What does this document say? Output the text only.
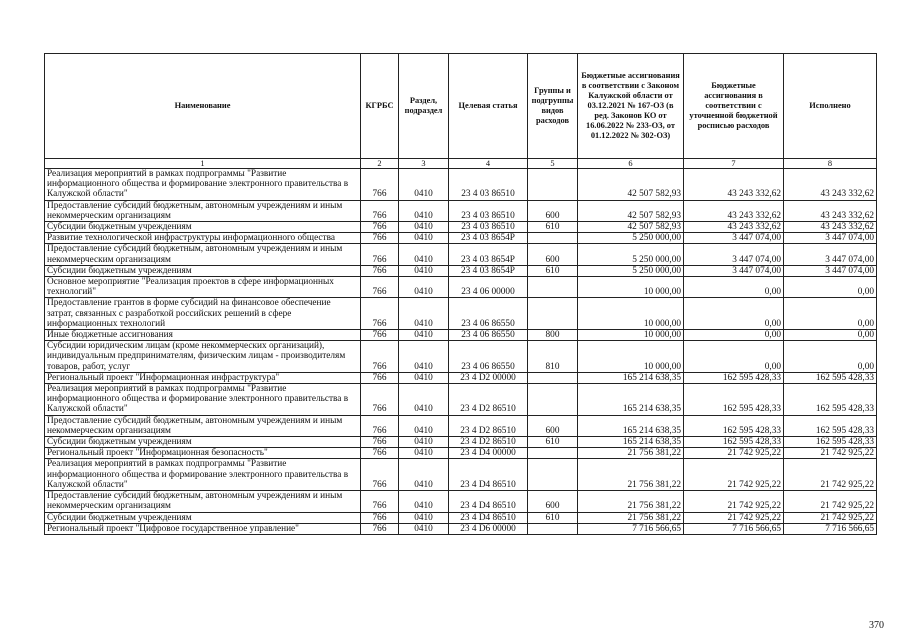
Наименование	КГРБС	Раздел, подраздел	Целевая статья	Группы и подгруппы видов расходов	Бюджетные ассигнования в соответствии с Законом Калужской области от 03.12.2021 № 167-ОЗ (в ред. Законов КО от 16.06.2022 № 233-ОЗ, от 01.12.2022 № 302-ОЗ)	Бюджетные ассигнования в соответствии с уточненной бюджетной росписью расходов	Исполнено
1	2	3	4	5	6	7	8
Реализация мероприятий в рамках подпрограммы "Развитие информационного общества и формирование электронного правительства в Калужской области"	766	0410	23 4 03 86510		42 507 582,93	43 243 332,62	43 243 332,62
Предоставление субсидий бюджетным, автономным учреждениям и иным некоммерческим организациям	766	0410	23 4 03 86510	600	42 507 582,93	43 243 332,62	43 243 332,62
Субсидии бюджетным учреждениям	766	0410	23 4 03 86510	610	42 507 582,93	43 243 332,62	43 243 332,62
Развитие технологической инфраструктуры информационного общества	766	0410	23 4 03 8654Р		5 250 000,00	3 447 074,00	3 447 074,00
Предоставление субсидий бюджетным, автономным учреждениям и иным некоммерческим организациям	766	0410	23 4 03 8654Р	600	5 250 000,00	3 447 074,00	3 447 074,00
Субсидии бюджетным учреждениям	766	0410	23 4 03 8654Р	610	5 250 000,00	3 447 074,00	3 447 074,00
Основное мероприятие "Реализация проектов в сфере информационных технологий"	766	0410	23 4 06 00000		10 000,00	0,00	0,00
Предоставление грантов в форме субсидий на финансовое обеспечение затрат, связанных с разработкой российских решений в сфере информационных технологий	766	0410	23 4 06 86550		10 000,00	0,00	0,00
Иные бюджетные ассигнования	766	0410	23 4 06 86550	800	10 000,00	0,00	0,00
Субсидии юридическим лицам (кроме некоммерческих организаций), индивидуальным предпринимателям, физическим лицам - производителям товаров, работ, услуг	766	0410	23 4 06 86550	810	10 000,00	0,00	0,00
Региональный проект "Информационная инфраструктура"	766	0410	23 4 D2 00000		165 214 638,35	162 595 428,33	162 595 428,33
Реализация мероприятий в рамках подпрограммы "Развитие информационного общества и формирование электронного правительства в Калужской области"	766	0410	23 4 D2 86510		165 214 638,35	162 595 428,33	162 595 428,33
Предоставление субсидий бюджетным, автономным учреждениям и иным некоммерческим организациям	766	0410	23 4 D2 86510	600	165 214 638,35	162 595 428,33	162 595 428,33
Субсидии бюджетным учреждениям	766	0410	23 4 D2 86510	610	165 214 638,35	162 595 428,33	162 595 428,33
Региональный проект "Информационная безопасность"	766	0410	23 4 D4 00000		21 756 381,22	21 742 925,22	21 742 925,22
Реализация мероприятий в рамках подпрограммы "Развитие информационного общества и формирование электронного правительства в Калужской области"	766	0410	23 4 D4 86510		21 756 381,22	21 742 925,22	21 742 925,22
Предоставление субсидий бюджетным, автономным учреждениям и иным некоммерческим организациям	766	0410	23 4 D4 86510	600	21 756 381,22	21 742 925,22	21 742 925,22
Субсидии бюджетным учреждениям	766	0410	23 4 D4 86510	610	21 756 381,22	21 742 925,22	21 742 925,22
Региональный проект "Цифровое государственное управление"	766	0410	23 4 D6 00000		7 716 566,65	7 716 566,65	7 716 566,65
370
